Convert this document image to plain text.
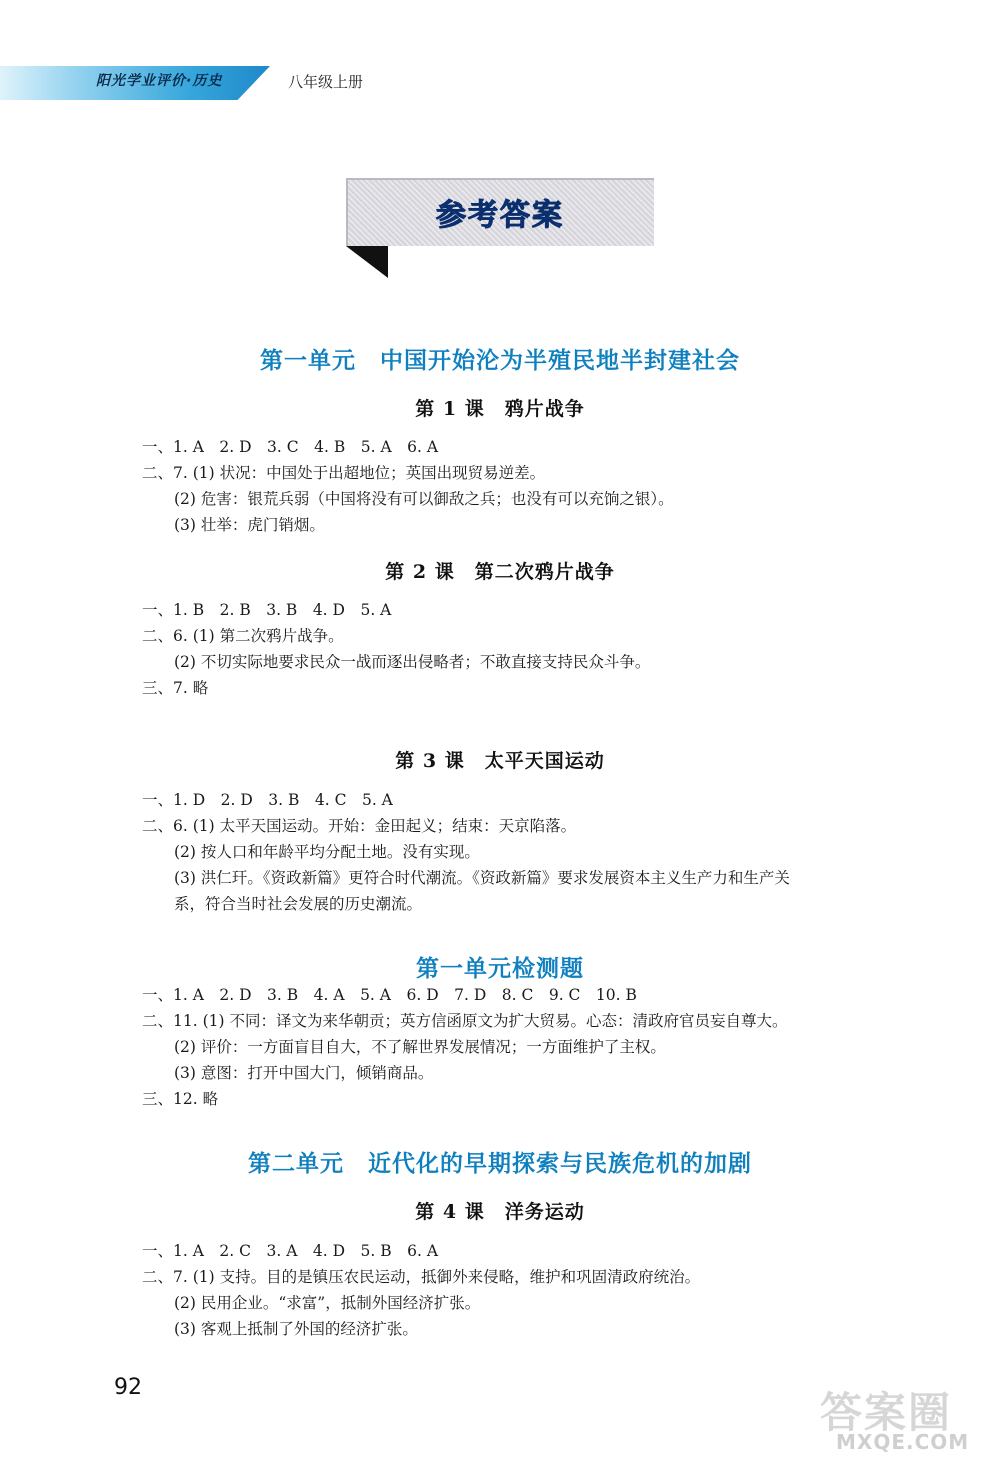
阳光学业评价·历史	八年级上册
参考答案
第一单元　中国开始沦为半殖民地半封建社会
第 1 课　鸦片战争
一、1. A　2. D　3. C　4. B　5. A　6. A
二、7. (1) 状况：中国处于出超地位；英国出现贸易逆差。
(2) 危害：银荒兵弱（中国将没有可以御敌之兵；也没有可以充饷之银）。
(3) 壮举：虎门销烟。
第 2 课　第二次鸦片战争
一、1. B　2. B　3. B　4. D　5. A
二、6. (1) 第二次鸦片战争。
(2) 不切实际地要求民众一战而逐出侵略者；不敢直接支持民众斗争。
三、7. 略
第 3 课　太平天国运动
一、1. D　2. D　3. B　4. C　5. A
二、6. (1) 太平天国运动。开始：金田起义；结束：天京陷落。
(2) 按人口和年龄平均分配土地。没有实现。
(3) 洪仁玕。《资政新篇》更符合时代潮流。《资政新篇》要求发展资本主义生产力和生产关
系，符合当时社会发展的历史潮流。
第一单元检测题
一、1. A　2. D　3. B　4. A　5. A　6. D　7. D　8. C　9. C　10. B
二、11. (1) 不同：译文为来华朝贡；英方信函原文为扩大贸易。心态：清政府官员妄自尊大。
(2) 评价：一方面盲目自大，不了解世界发展情况；一方面维护了主权。
(3) 意图：打开中国大门，倾销商品。
三、12. 略
第二单元　近代化的早期探索与民族危机的加剧
第 4 课　洋务运动
一、1. A　2. C　3. A　4. D　5. B　6. A
二、7. (1) 支持。目的是镇压农民运动，抵御外来侵略，维护和巩固清政府统治。
(2) 民用企业。“求富”，抵制外国经济扩张。
(3) 客观上抵制了外国的经济扩张。
92
答案圈
MXQE.COM
